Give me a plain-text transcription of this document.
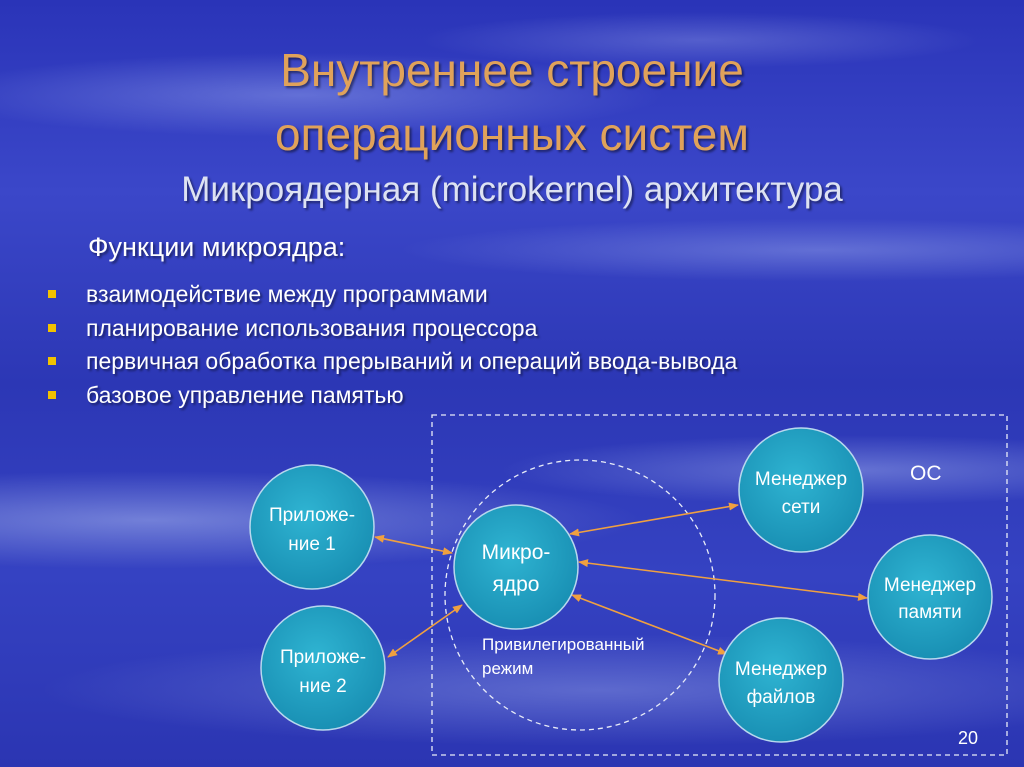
Внутреннее строение
операционных систем
Микроядерная (microkernel) архитектура
Функции микроядра:
взаимодействие между программами
планирование использования процессора
первичная обработка прерываний и операций ввода-вывода
базовое управление памятью
Приложе-
ние 1
Приложе-
ние 2
Микро-
ядро
Менеджер
сети
Менеджер
памяти
Менеджер
файлов
Привилегированный
режим
ОС
20
